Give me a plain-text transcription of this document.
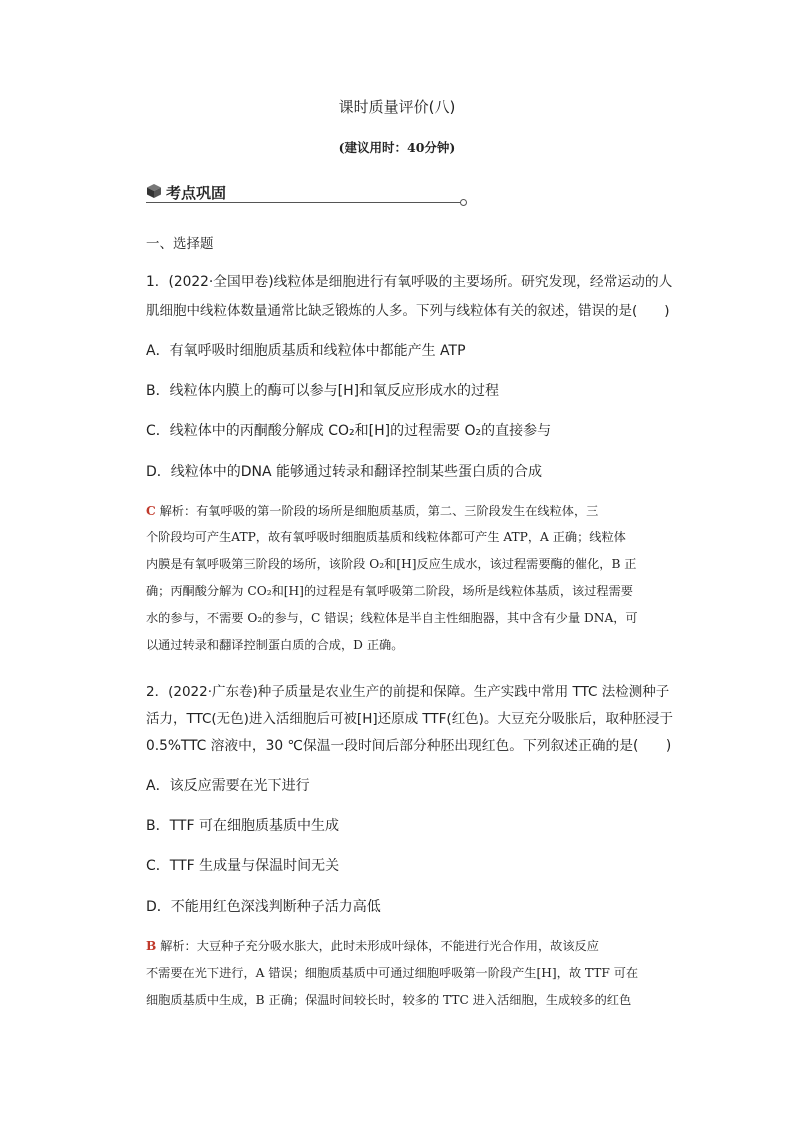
课时质量评价(八)
(建议用时：40分钟)
考点巩固
一、选择题
1．(2022·全国甲卷)线粒体是细胞进行有氧呼吸的主要场所。研究发现，经常运动的人
肌细胞中线粒体数量通常比缺乏锻炼的人多。下列与线粒体有关的叙述，错误的是(　　)
A．有氧呼吸时细胞质基质和线粒体中都能产生 ATP
B．线粒体内膜上的酶可以参与[H]和氧反应形成水的过程
C．线粒体中的丙酮酸分解成 CO₂和[H]的过程需要 O₂的直接参与
D．线粒体中的DNA 能够通过转录和翻译控制某些蛋白质的合成
C 解析：有氧呼吸的第一阶段的场所是细胞质基质，第二、三阶段发生在线粒体，三
个阶段均可产生ATP，故有氧呼吸时细胞质基质和线粒体都可产生 ATP，A 正确；线粒体
内膜是有氧呼吸第三阶段的场所，该阶段 O₂和[H]反应生成水，该过程需要酶的催化，B 正
确；丙酮酸分解为 CO₂和[H]的过程是有氧呼吸第二阶段，场所是线粒体基质，该过程需要
水的参与，不需要 O₂的参与，C 错误；线粒体是半自主性细胞器，其中含有少量 DNA，可
以通过转录和翻译控制蛋白质的合成，D 正确。
2．(2022·广东卷)种子质量是农业生产的前提和保障。生产实践中常用 TTC 法检测种子
活力，TTC(无色)进入活细胞后可被[H]还原成 TTF(红色)。大豆充分吸胀后，取种胚浸于
0.5%TTC 溶液中，30 ℃保温一段时间后部分种胚出现红色。下列叙述正确的是(　　)
A．该反应需要在光下进行
B．TTF 可在细胞质基质中生成
C．TTF 生成量与保温时间无关
D．不能用红色深浅判断种子活力高低
B 解析：大豆种子充分吸水胀大，此时未形成叶绿体，不能进行光合作用，故该反应
不需要在光下进行，A 错误；细胞质基质中可通过细胞呼吸第一阶段产生[H]，故 TTF 可在
细胞质基质中生成，B 正确；保温时间较长时，较多的 TTC 进入活细胞，生成较多的红色
